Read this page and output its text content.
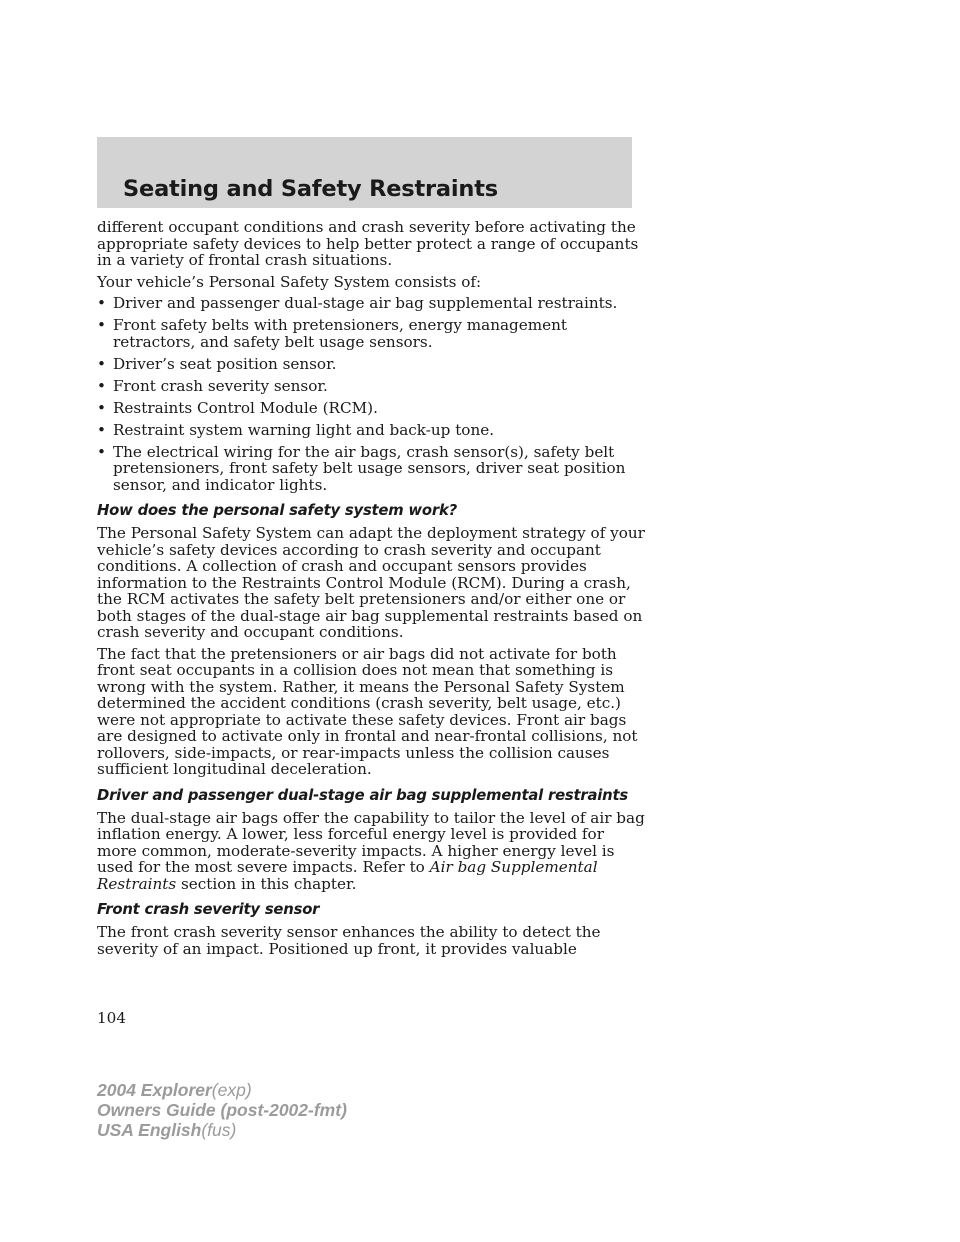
Seating and Safety Restraints

different occupant conditions and crash severity before activating the appropriate safety devices to help better protect a range of occupants in a variety of frontal crash situations.

Your vehicle’s Personal Safety System consists of:

• Driver and passenger dual-stage air bag supplemental restraints.
• Front safety belts with pretensioners, energy management retractors, and safety belt usage sensors.
• Driver’s seat position sensor.
• Front crash severity sensor.
• Restraints Control Module (RCM).
• Restraint system warning light and back-up tone.
• The electrical wiring for the air bags, crash sensor(s), safety belt pretensioners, front safety belt usage sensors, driver seat position sensor, and indicator lights.
How does the personal safety system work?

The Personal Safety System can adapt the deployment strategy of your vehicle’s safety devices according to crash severity and occupant conditions. A collection of crash and occupant sensors provides information to the Restraints Control Module (RCM). During a crash, the RCM activates the safety belt pretensioners and/or either one or both stages of the dual-stage air bag supplemental restraints based on crash severity and occupant conditions.

The fact that the pretensioners or air bags did not activate for both front seat occupants in a collision does not mean that something is wrong with the system. Rather, it means the Personal Safety System determined the accident conditions (crash severity, belt usage, etc.) were not appropriate to activate these safety devices. Front air bags are designed to activate only in frontal and near-frontal collisions, not rollovers, side-impacts, or rear-impacts unless the collision causes sufficient longitudinal deceleration.

Driver and passenger dual-stage air bag supplemental restraints

The dual-stage air bags offer the capability to tailor the level of air bag inflation energy. A lower, less forceful energy level is provided for more common, moderate-severity impacts. A higher energy level is used for the most severe impacts. Refer to Air bag Supplemental Restraints section in this chapter.

Front crash severity sensor

The front crash severity sensor enhances the ability to detect the severity of an impact. Positioned up front, it provides valuable

104
2004 Explorer(exp)
Owners Guide (post-2002-fmt)
USA English(fus)
